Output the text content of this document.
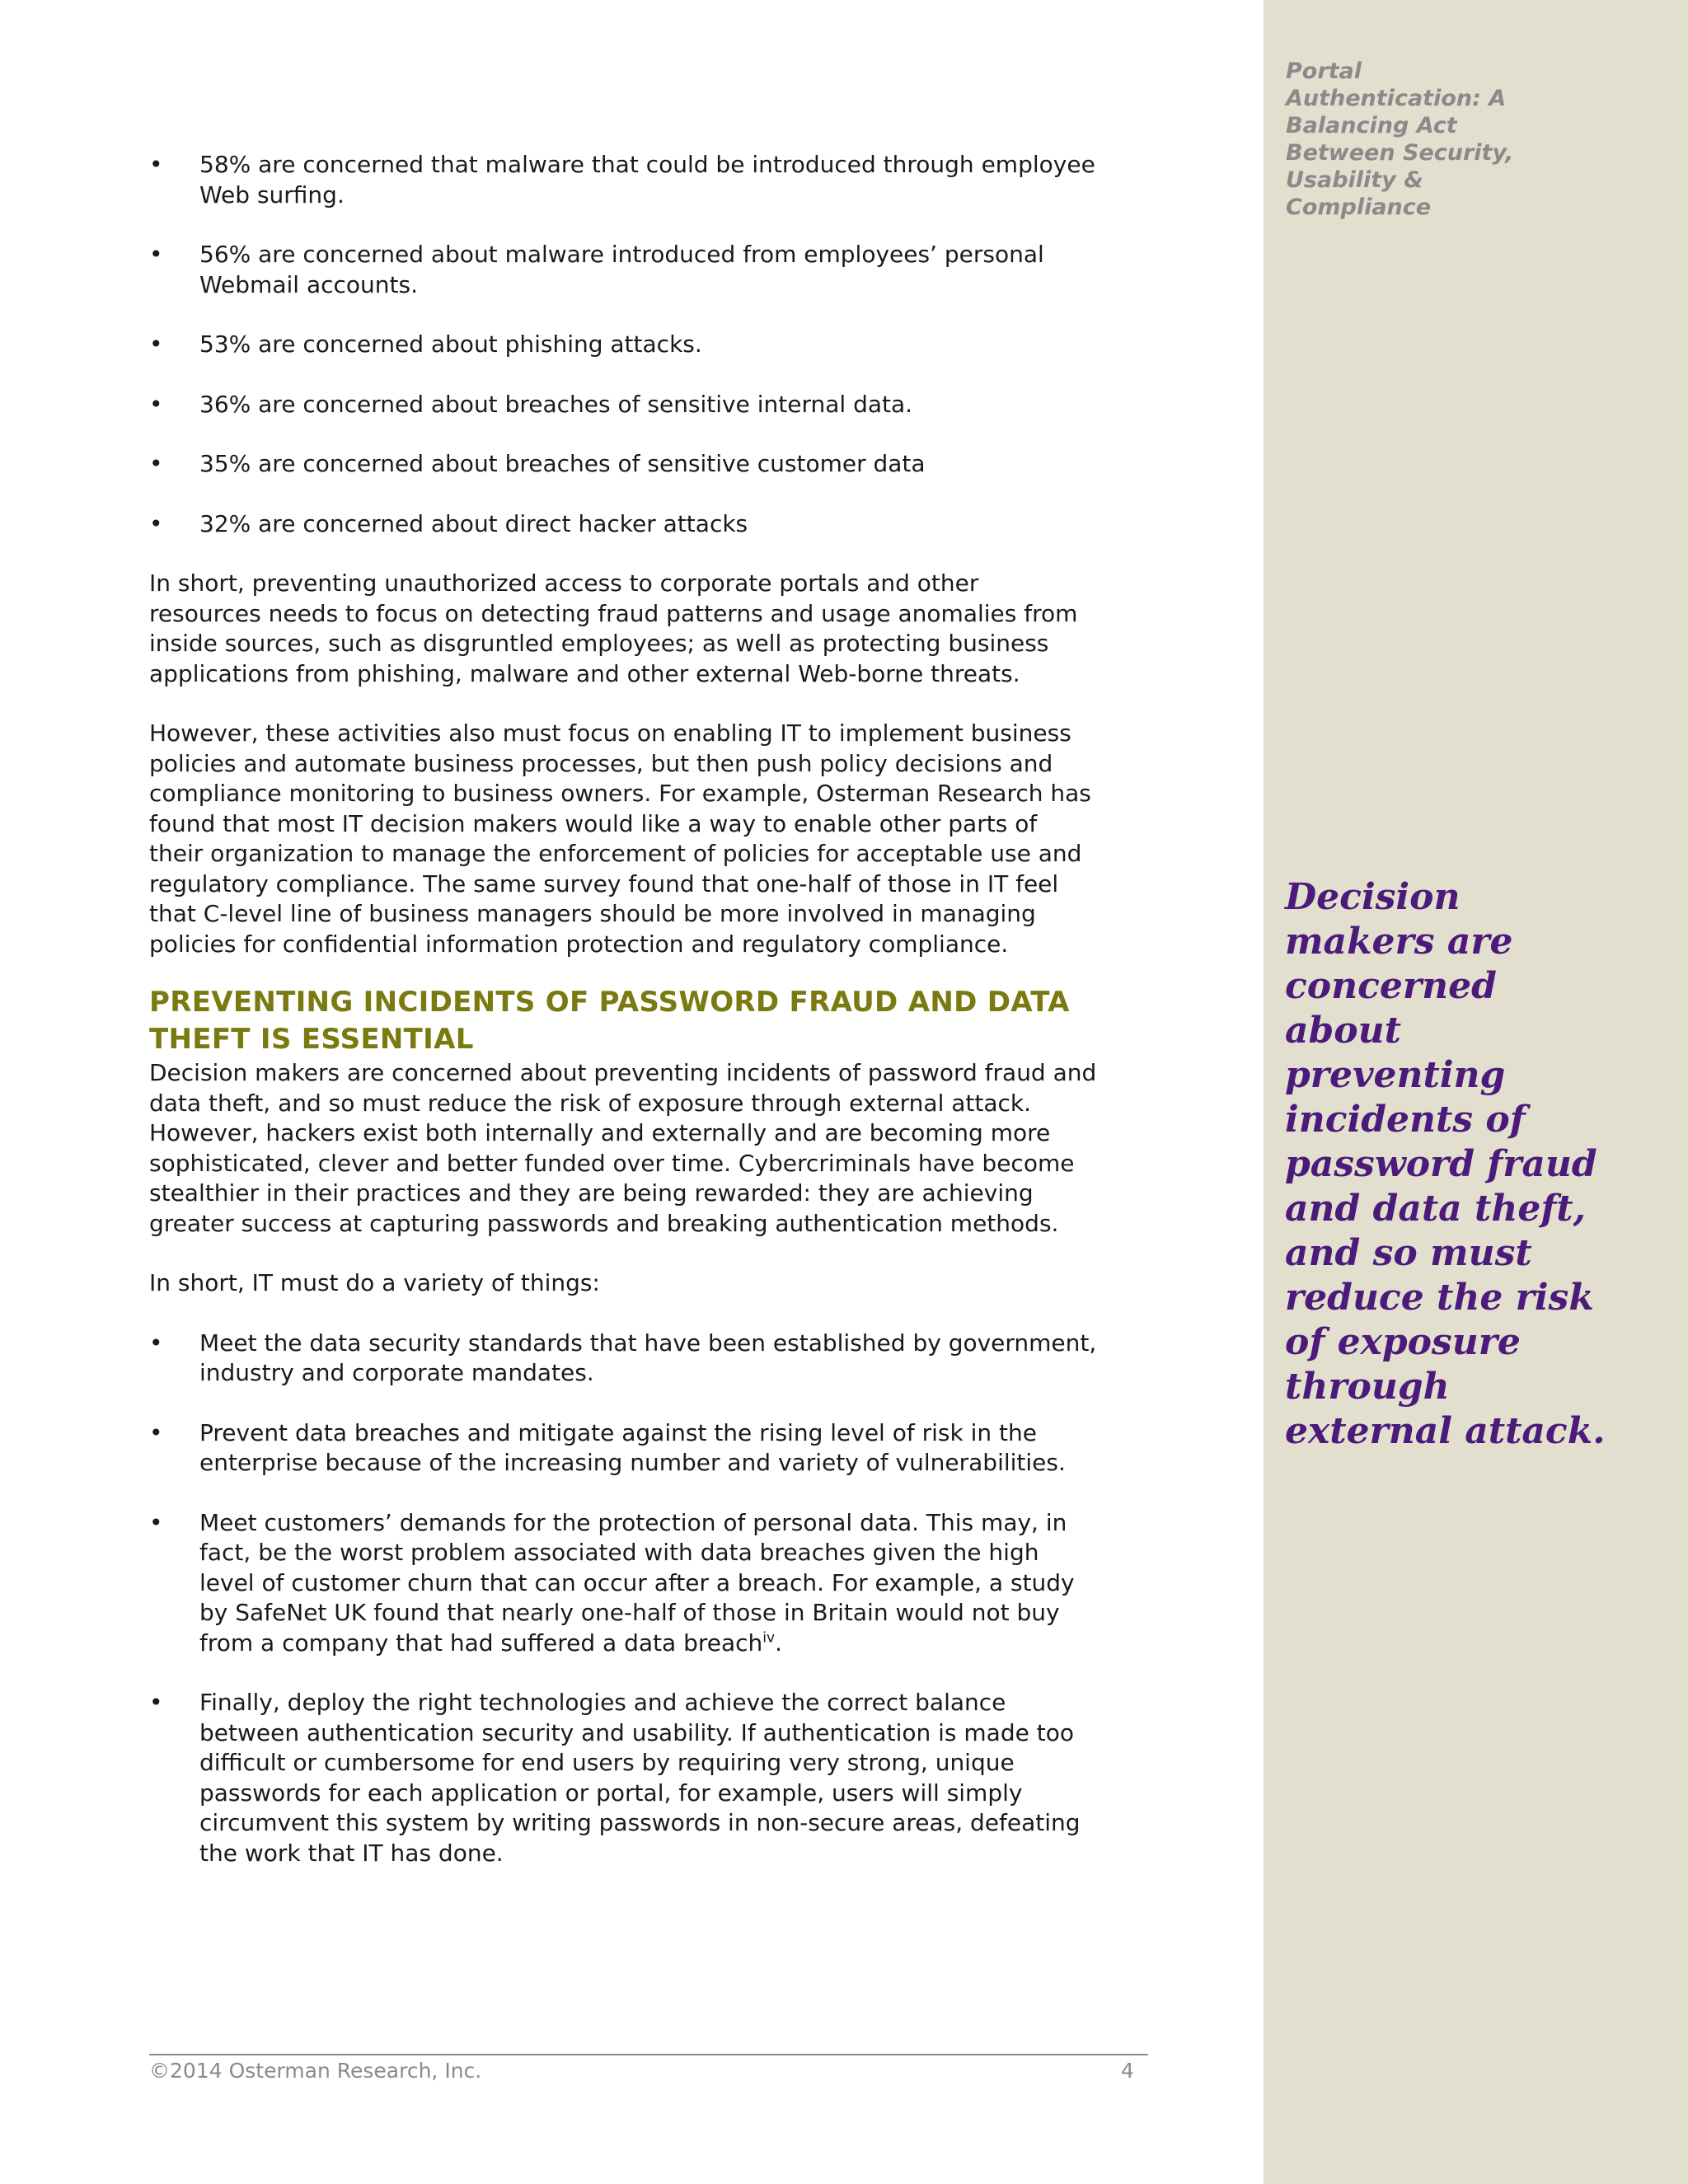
Portal Authentication: A Balancing Act Between Security, Usability & Compliance
Decision makers are concerned about preventing incidents of password fraud and data theft, and so must reduce the risk of exposure through external attack.
• 58% are concerned that malware that could be introduced through employee Web surfing.
• 56% are concerned about malware introduced from employees’ personal Webmail accounts.
• 53% are concerned about phishing attacks.
• 36% are concerned about breaches of sensitive internal data.
• 35% are concerned about breaches of sensitive customer data
• 32% are concerned about direct hacker attacks

In short, preventing unauthorized access to corporate portals and other resources needs to focus on detecting fraud patterns and usage anomalies from inside sources, such as disgruntled employees; as well as protecting business applications from phishing, malware and other external Web-borne threats.

However, these activities also must focus on enabling IT to implement business policies and automate business processes, but then push policy decisions and compliance monitoring to business owners. For example, Osterman Research has found that most IT decision makers would like a way to enable other parts of their organization to manage the enforcement of policies for acceptable use and regulatory compliance. The same survey found that one-half of those in IT feel that C-level line of business managers should be more involved in managing policies for confidential information protection and regulatory compliance.

PREVENTING INCIDENTS OF PASSWORD FRAUD AND DATA THEFT IS ESSENTIAL

Decision makers are concerned about preventing incidents of password fraud and data theft, and so must reduce the risk of exposure through external attack. However, hackers exist both internally and externally and are becoming more sophisticated, clever and better funded over time. Cybercriminals have become stealthier in their practices and they are being rewarded: they are achieving greater success at capturing passwords and breaking authentication methods.

In short, IT must do a variety of things:

• Meet the data security standards that have been established by government, industry and corporate mandates.
• Prevent data breaches and mitigate against the rising level of risk in the enterprise because of the increasing number and variety of vulnerabilities.
• Meet customers’ demands for the protection of personal data. This may, in fact, be the worst problem associated with data breaches given the high level of customer churn that can occur after a breach. For example, a study by SafeNet UK found that nearly one-half of those in Britain would not buy from a company that had suffered a data breach$^{iv}$.
• Finally, deploy the right technologies and achieve the correct balance between authentication security and usability. If authentication is made too difficult or cumbersome for end users by requiring very strong, unique passwords for each application or portal, for example, users will simply circumvent this system by writing passwords in non-secure areas, defeating the work that IT has done.
©2014 Osterman Research, Inc.	4
